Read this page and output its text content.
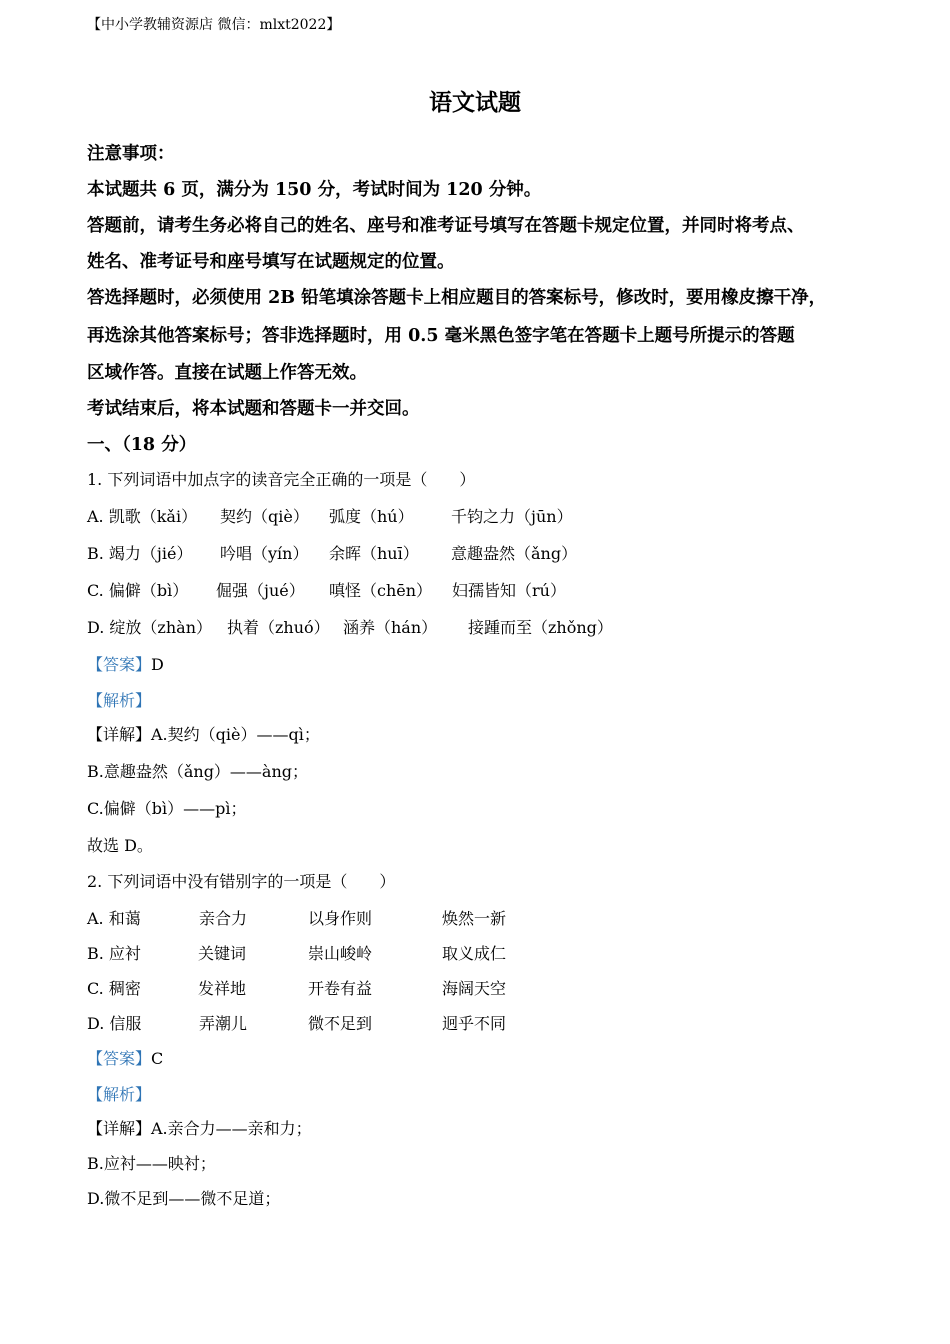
【中小学教辅资源店 微信：mlxt2022】
语文试题
注意事项：
本试题共 6 页，满分为 150 分，考试时间为 120 分钟。
答题前，请考生务必将自己的姓名、座号和准考证号填写在答题卡规定位置，并同时将考点、
姓名、准考证号和座号填写在试题规定的位置。
答选择题时，必须使用 2B 铅笔填涂答题卡上相应题目的答案标号，修改时，要用橡皮擦干净，
再选涂其他答案标号；答非选择题时，用 0.5 毫米黑色签字笔在答题卡上题号所提示的答题
区域作答。直接在试题上作答无效。
考试结束后，将本试题和答题卡一并交回。
一、（18 分）
1. 下列词语中加点字的读音完全正确的一项是（　　）
A. 凯歌（kǎi） 契约（qiè） 弧度（hú） 千钧之力（jūn）
B. 竭力（jié） 吟唱（yín） 余晖（huī） 意趣盎然（ǎng）
C. 偏僻（bì） 倔强（jué） 嗔怪（chēn） 妇孺皆知（rú）
D. 绽放（zhàn） 执着（zhuó） 涵养（hán） 接踵而至（zhǒng）
【答案】D
【解析】
【详解】A.契约（qiè）——qì；
B.意趣盎然（ǎng）——àng；
C.偏僻（bì）——pì；
故选 D。
2. 下列词语中没有错别字的一项是（　　）
A. 和蔼	亲合力	以身作则	焕然一新
B. 应衬	关键词	崇山峻岭	取义成仁
C. 稠密	发祥地	开卷有益	海阔天空
D. 信服	弄潮儿	微不足到	迥乎不同
【答案】C
【解析】
【详解】A.亲合力——亲和力；
B.应衬——映衬；
D.微不足到——微不足道；
